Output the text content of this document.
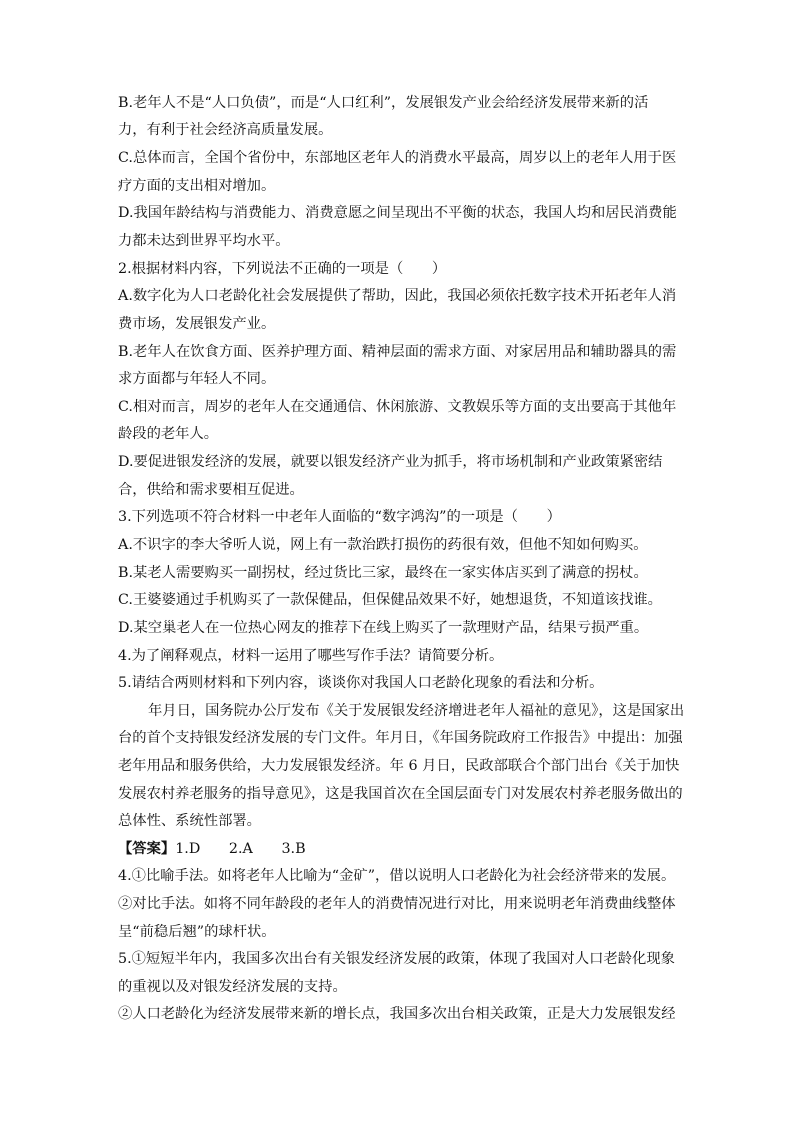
B.老年人不是“人口负债”，而是“人口红利”，发展银发产业会给经济发展带来新的活
力，有利于社会经济高质量发展。
C.总体而言，全国个省份中，东部地区老年人的消费水平最高，周岁以上的老年人用于医
疗方面的支出相对增加。
D.我国年龄结构与消费能力、消费意愿之间呈现出不平衡的状态，我国人均和居民消费能
力都未达到世界平均水平。
2.根据材料内容，下列说法不正确的一项是（　　）
A.数字化为人口老龄化社会发展提供了帮助，因此，我国必须依托数字技术开拓老年人消
费市场，发展银发产业。
B.老年人在饮食方面、医养护理方面、精神层面的需求方面、对家居用品和辅助器具的需
求方面都与年轻人不同。
C.相对而言，周岁的老年人在交通通信、休闲旅游、文教娱乐等方面的支出要高于其他年
龄段的老年人。
D.要促进银发经济的发展，就要以银发经济产业为抓手，将市场机制和产业政策紧密结
合，供给和需求要相互促进。
3.下列选项不符合材料一中老年人面临的“数字鸿沟”的一项是（　　）
A.不识字的李大爷听人说，网上有一款治跌打损伤的药很有效，但他不知如何购买。
B.某老人需要购买一副拐杖，经过货比三家，最终在一家实体店买到了满意的拐杖。
C.王婆婆通过手机购买了一款保健品，但保健品效果不好，她想退货，不知道该找谁。
D.某空巢老人在一位热心网友的推荐下在线上购买了一款理财产品，结果亏损严重。
4.为了阐释观点，材料一运用了哪些写作手法？请简要分析。
5.请结合两则材料和下列内容，谈谈你对我国人口老龄化现象的看法和分析。
年月日，国务院办公厅发布《关于发展银发经济增进老年人福祉的意见》，这是国家出
台的首个支持银发经济发展的专门文件。年月日，《年国务院政府工作报告》中提出：加强
老年用品和服务供给，大力发展银发经济。年 6 月日，民政部联合个部门出台《关于加快
发展农村养老服务的指导意见》，这是我国首次在全国层面专门对发展农村养老服务做出的
总体性、系统性部署。
【答案】1.D　　2.A　　3.B
4.①比喻手法。如将老年人比喻为“金矿”，借以说明人口老龄化为社会经济带来的发展。
②对比手法。如将不同年龄段的老年人的消费情况进行对比，用来说明老年消费曲线整体
呈“前稳后翘”的球杆状。
5.①短短半年内，我国多次出台有关银发经济发展的政策，体现了我国对人口老龄化现象
的重视以及对银发经济发展的支持。
②人口老龄化为经济发展带来新的增长点，我国多次出台相关政策，正是大力发展银发经
